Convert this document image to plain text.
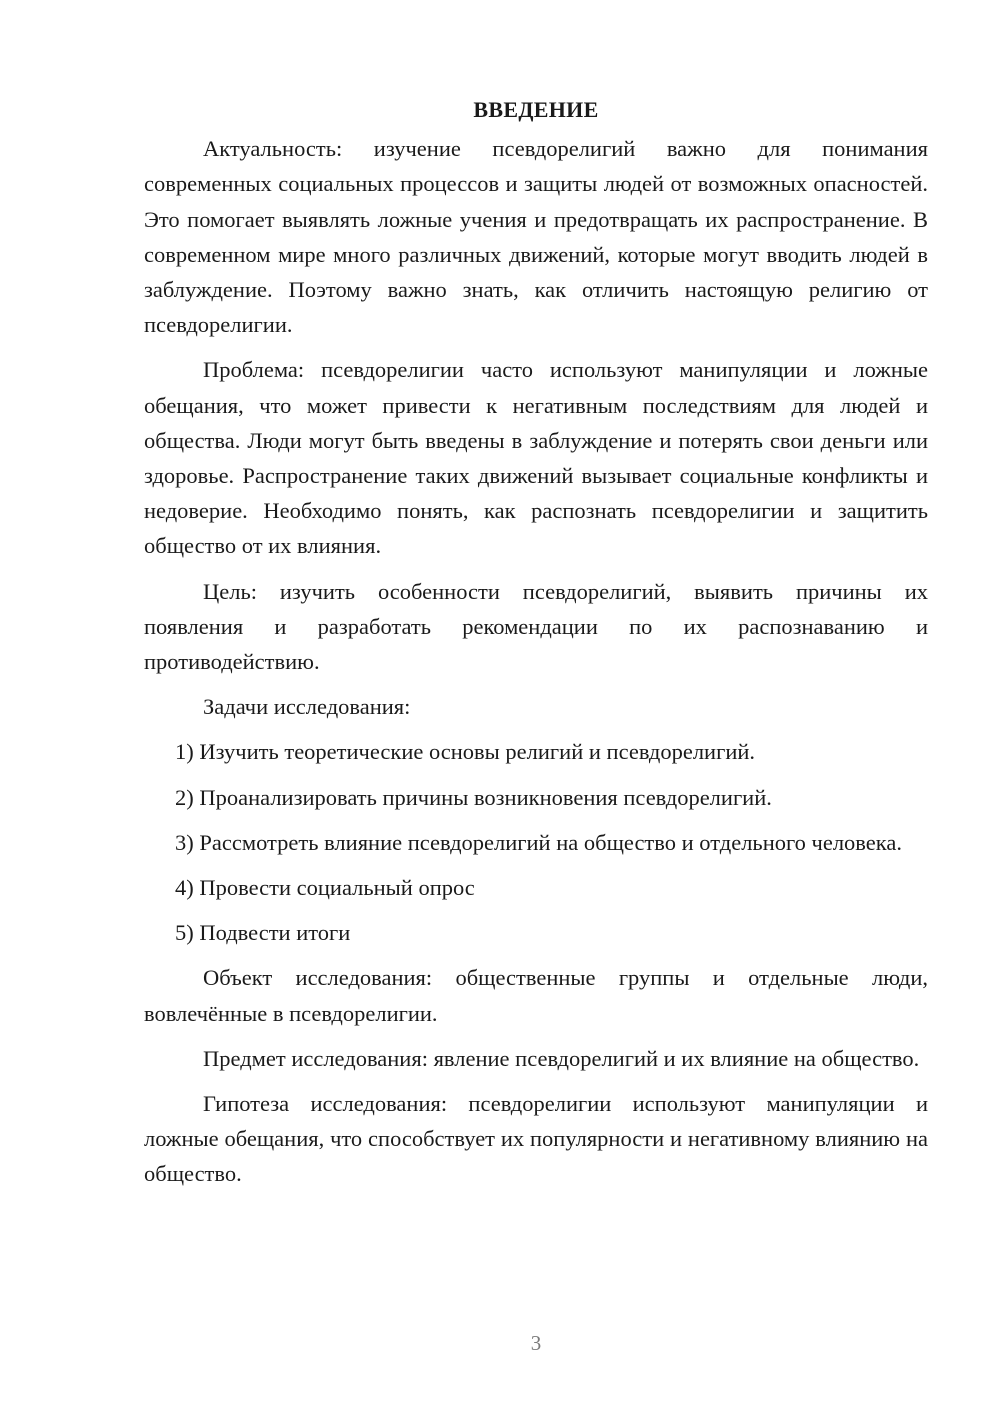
ВВЕДЕНИЕ

Актуальность: изучение псевдорелигий важно для понимания современных социальных процессов и защиты людей от возможных опасностей. Это помогает выявлять ложные учения и предотвращать их распространение. В современном мире много различных движений, которые могут вводить людей в заблуждение. Поэтому важно знать, как отличить настоящую религию от псевдорелигии.

Проблема: псевдорелигии часто используют манипуляции и ложные обещания, что может привести к негативным последствиям для людей и общества. Люди могут быть введены в заблуждение и потерять свои деньги или здоровье. Распространение таких движений вызывает социальные конфликты и недоверие. Необходимо понять, как распознать псевдорелигии и защитить общество от их влияния.

Цель: изучить особенности псевдорелигий, выявить причины их появления и разработать рекомендации по их распознаванию и противодействию.

Задачи исследования:

1) Изучить теоретические основы религий и псевдорелигий.

2) Проанализировать причины возникновения псевдорелигий.

3) Рассмотреть влияние псевдорелигий на общество и отдельного человека.

4) Провести социальный опрос

5) Подвести итоги

Объект исследования: общественные группы и отдельные люди, вовлечённые в псевдорелигии.

Предмет исследования: явление псевдорелигий и их влияние на общество.

Гипотеза исследования: псевдорелигии используют манипуляции и ложные обещания, что способствует их популярности и негативному влиянию на общество.

3
